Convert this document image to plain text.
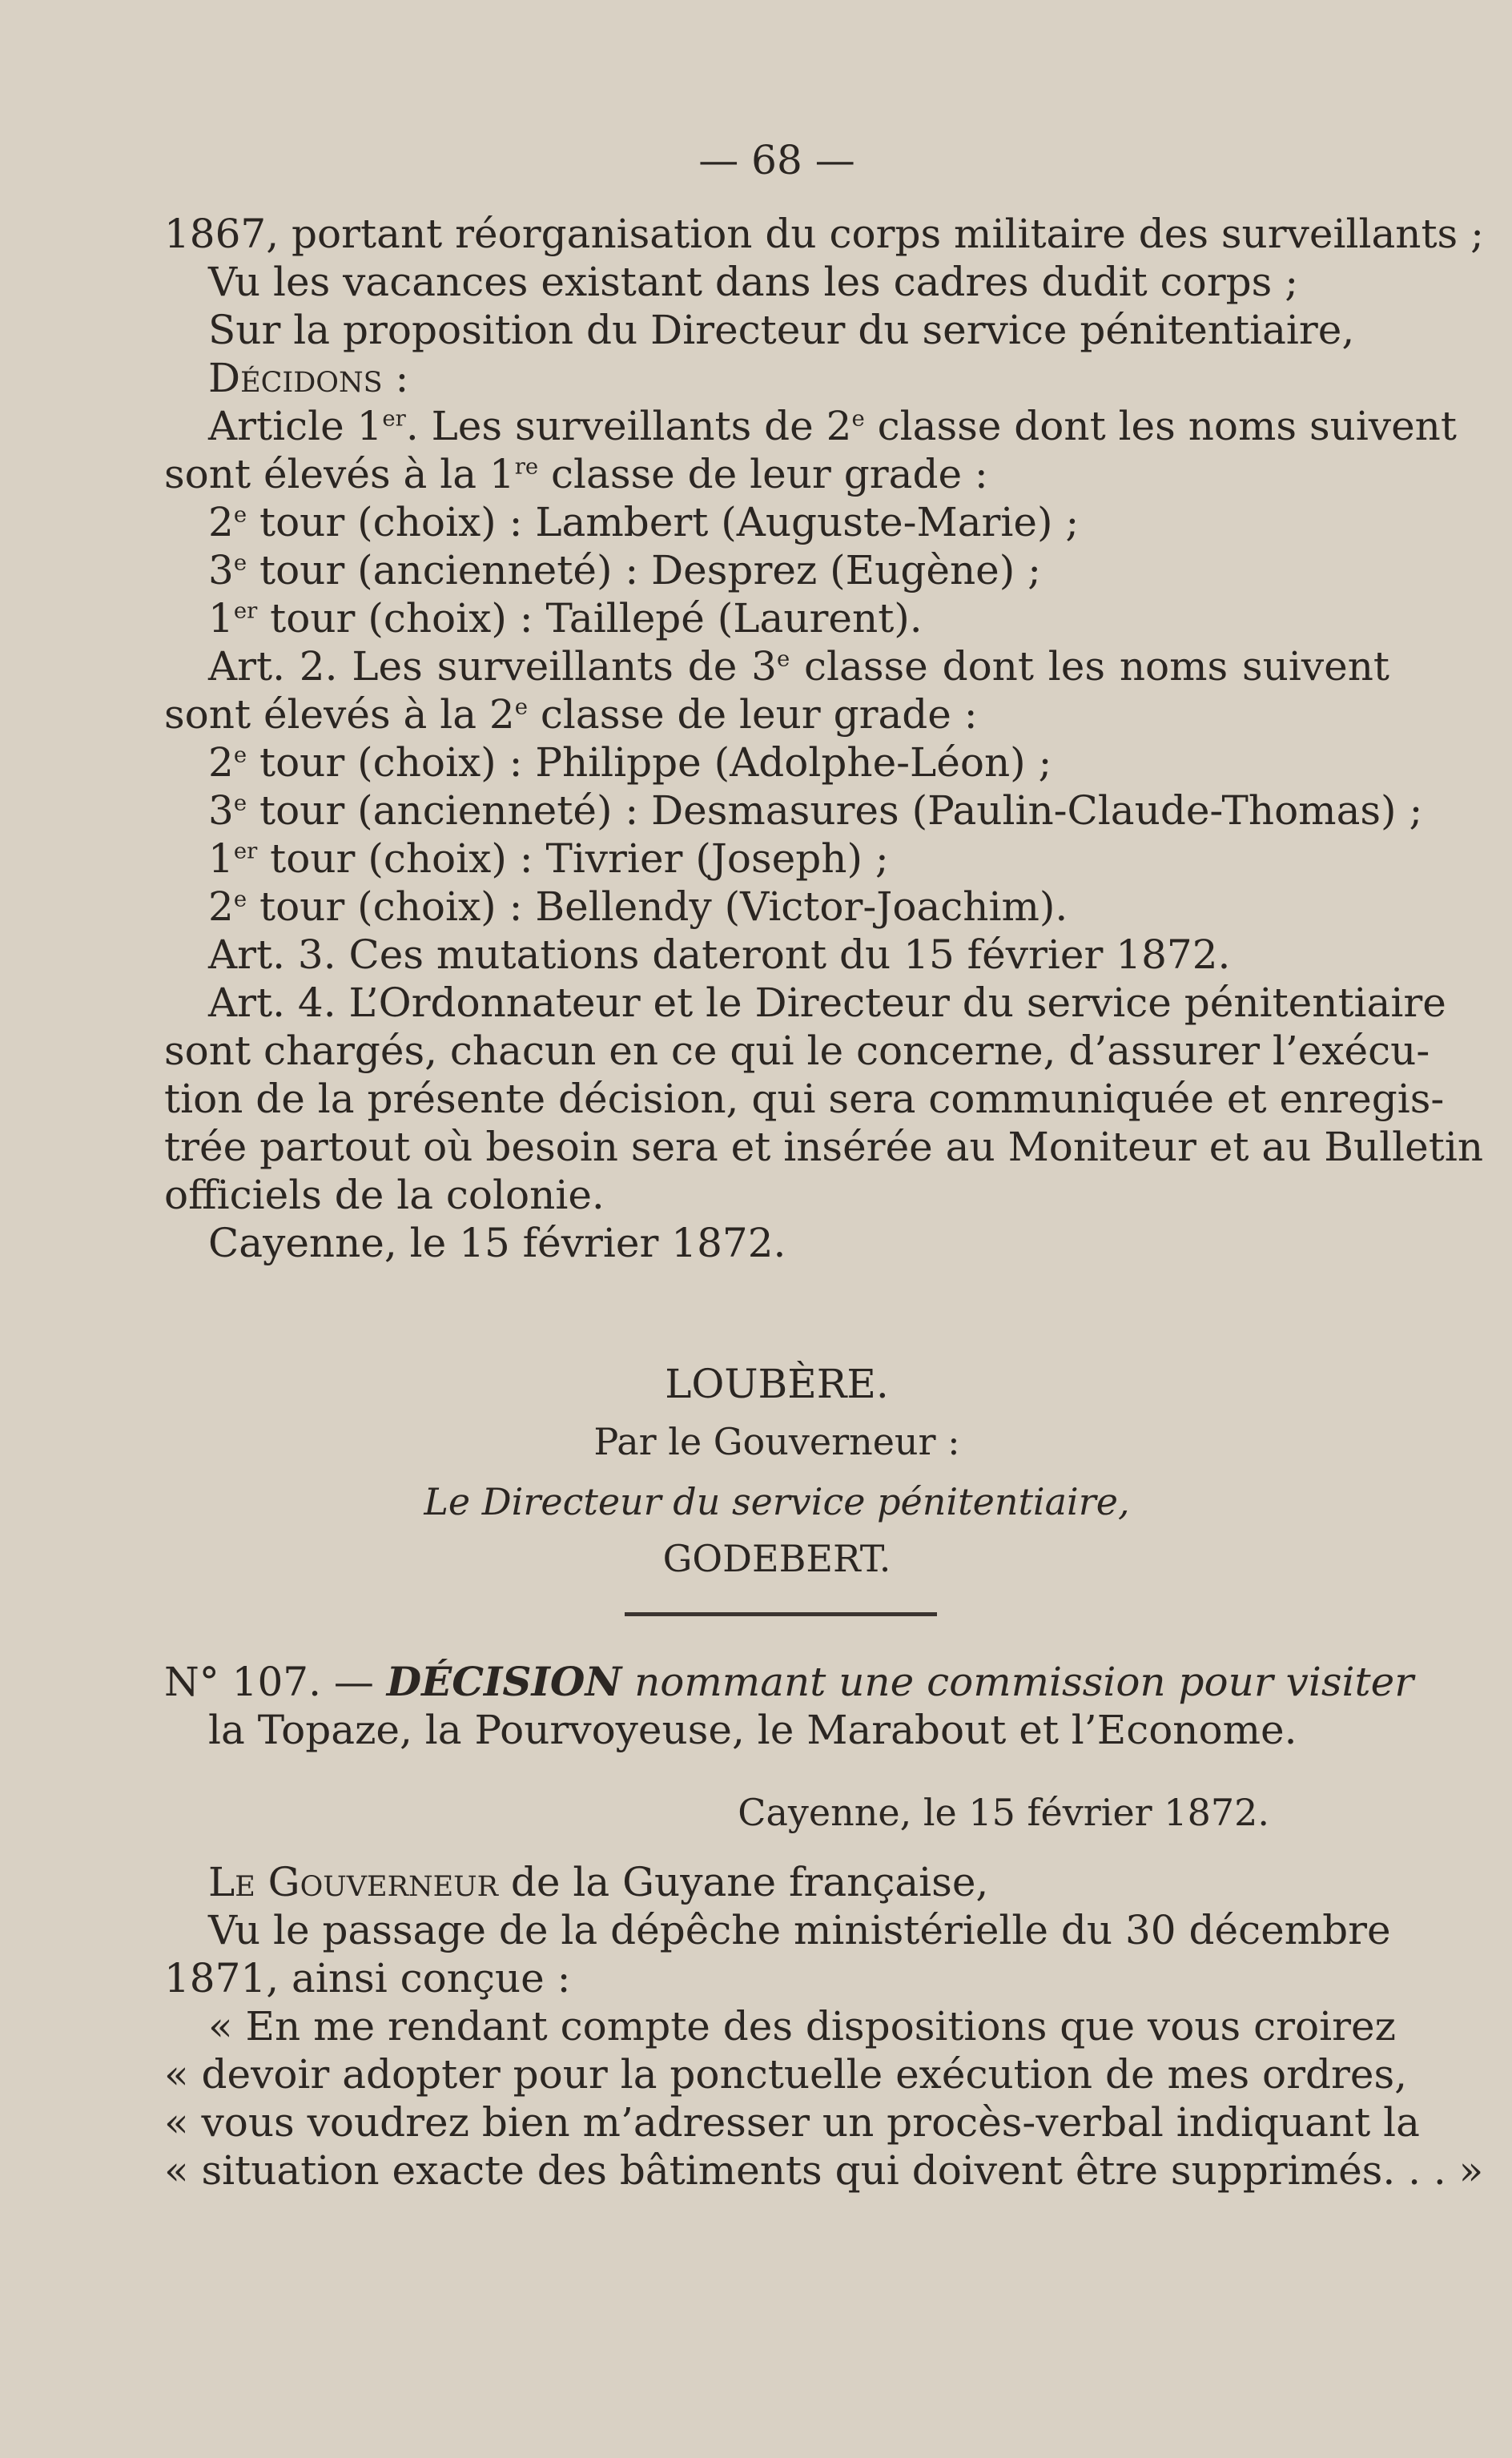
— 68 —
1867, portant réorganisation du corps militaire des surveillants ;
Vu les vacances existant dans les cadres dudit corps ;
Sur la proposition du Directeur du service pénitentiaire,
Décidons :
Article 1er. Les surveillants de 2e classe dont les noms suivent
sont élevés à la 1re classe de leur grade :
2e tour (choix) : Lambert (Auguste-Marie) ;
3e tour (ancienneté) : Desprez (Eugène) ;
1er tour (choix) : Taillepé (Laurent).
Art. 2. Les surveillants de 3e classe dont les noms suivent
sont élevés à la 2e classe de leur grade :
2e tour (choix) : Philippe (Adolphe-Léon) ;
3e tour (ancienneté) : Desmasures (Paulin-Claude-Thomas) ;
1er tour (choix) : Tivrier (Joseph) ;
2e tour (choix) : Bellendy (Victor-Joachim).
Art. 3. Ces mutations dateront du 15 février 1872.
Art. 4. L’Ordonnateur et le Directeur du service pénitentiaire
sont chargés, chacun en ce qui le concerne, d’assurer l’exécu-
tion de la présente décision, qui sera communiquée et enregis-
trée partout où besoin sera et insérée au Moniteur et au Bulletin
officiels de la colonie.
Cayenne, le 15 février 1872.
LOUBÈRE.
Par le Gouverneur :
Le Directeur du service pénitentiaire,
GODEBERT.
N° 107. — DÉCISION nommant une commission pour visiter
la Topaze, la Pourvoyeuse, le Marabout et l’Econome.
Cayenne, le 15 février 1872.
Le Gouverneur de la Guyane française,
Vu le passage de la dépêche ministérielle du 30 décembre
1871, ainsi conçue :
« En me rendant compte des dispositions que vous croirez
« devoir adopter pour la ponctuelle exécution de mes ordres,
« vous voudrez bien m’adresser un procès-verbal indiquant la
« situation exacte des bâtiments qui doivent être supprimés. . . »
